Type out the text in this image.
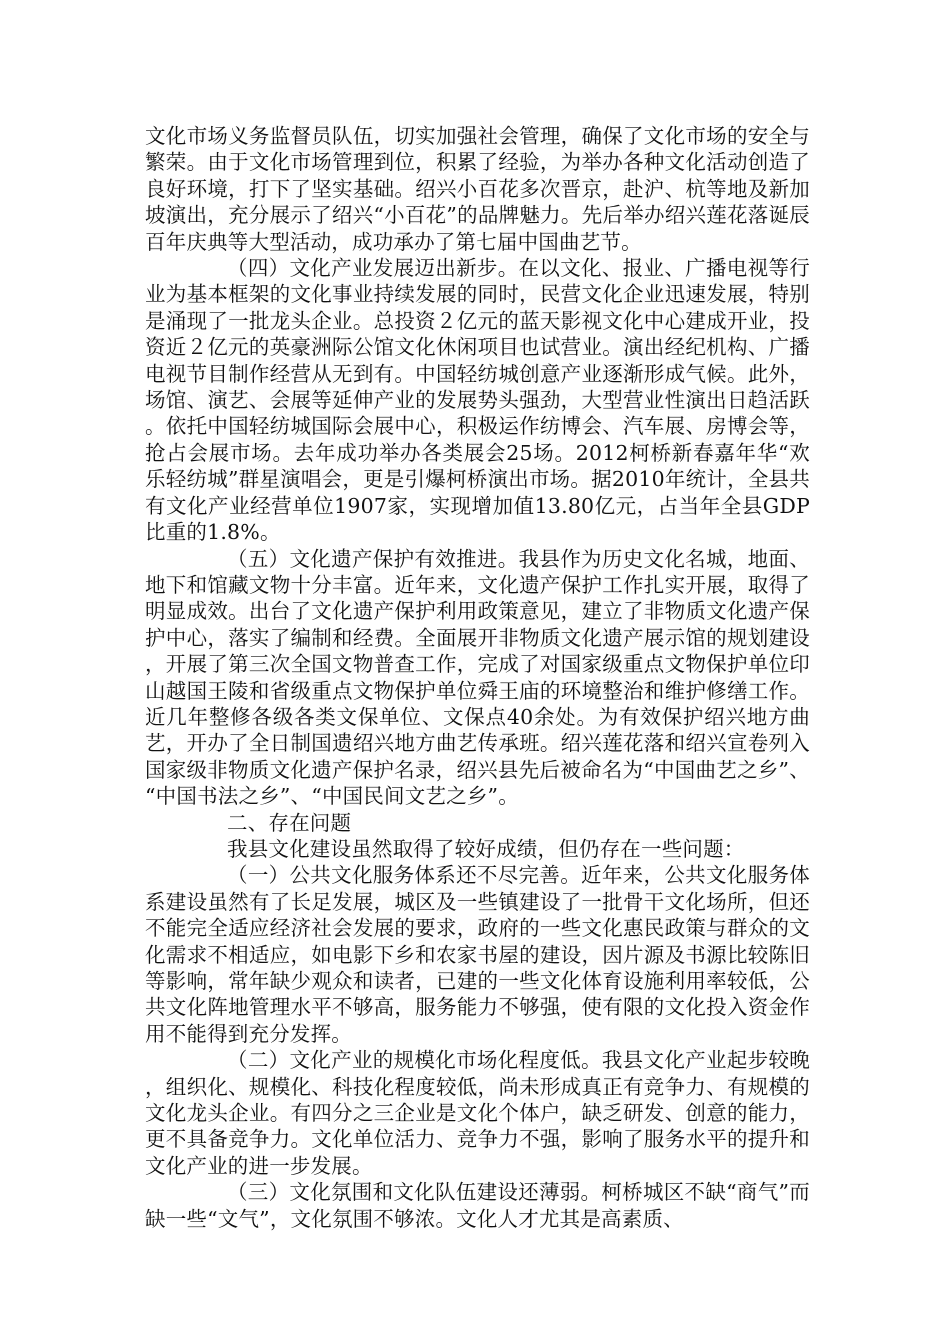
文化市场义务监督员队伍，切实加强社会管理，确保了文化市场的安全与繁荣。由于文化市场管理到位，积累了经验，为举办各种文化活动创造了良好环境，打下了坚实基础。绍兴小百花多次晋京，赴沪、杭等地及新加坡演出，充分展示了绍兴“小百花”的品牌魅力。先后举办绍兴莲花落诞辰百年庆典等大型活动，成功承办了第七届中国曲艺节。

（四）文化产业发展迈出新步。在以文化、报业、广播电视等行业为基本框架的文化事业持续发展的同时，民营文化企业迅速发展，特别是涌现了一批龙头企业。总投资２亿元的蓝天影视文化中心建成开业，投资近２亿元的英豪洲际公馆文化休闲项目也试营业。演出经纪机构、广播电视节目制作经营从无到有。中国轻纺城创意产业逐渐形成气候。此外，场馆、演艺、会展等延伸产业的发展势头强劲，大型营业性演出日趋活跃。依托中国轻纺城国际会展中心，积极运作纺博会、汽车展、房博会等，抢占会展市场。去年成功举办各类展会25场。2012柯桥新春嘉年华“欢乐轻纺城”群星演唱会，更是引爆柯桥演出市场。据2010年统计，全县共有文化产业经营单位1907家，实现增加值13.80亿元，占当年全县GDP比重的1.8%。

（五）文化遗产保护有效推进。我县作为历史文化名城，地面、地下和馆藏文物十分丰富。近年来，文化遗产保护工作扎实开展，取得了明显成效。出台了文化遗产保护利用政策意见，建立了非物质文化遗产保护中心，落实了编制和经费。全面展开非物质文化遗产展示馆的规划建设，开展了第三次全国文物普查工作，完成了对国家级重点文物保护单位印山越国王陵和省级重点文物保护单位舜王庙的环境整治和维护修缮工作。近几年整修各级各类文保单位、文保点40余处。为有效保护绍兴地方曲艺，开办了全日制国遗绍兴地方曲艺传承班。绍兴莲花落和绍兴宣卷列入国家级非物质文化遗产保护名录，绍兴县先后被命名为“中国曲艺之乡”、“中国书法之乡”、“中国民间文艺之乡”。

二、存在问题

我县文化建设虽然取得了较好成绩，但仍存在一些问题：

（一）公共文化服务体系还不尽完善。近年来，公共文化服务体系建设虽然有了长足发展，城区及一些镇建设了一批骨干文化场所，但还不能完全适应经济社会发展的要求，政府的一些文化惠民政策与群众的文化需求不相适应，如电影下乡和农家书屋的建设，因片源及书源比较陈旧等影响，常年缺少观众和读者，已建的一些文化体育设施利用率较低，公共文化阵地管理水平不够高，服务能力不够强，使有限的文化投入资金作用不能得到充分发挥。

（二）文化产业的规模化市场化程度低。我县文化产业起步较晚，组织化、规模化、科技化程度较低，尚未形成真正有竞争力、有规模的文化龙头企业。有四分之三企业是文化个体户，缺乏研发、创意的能力，更不具备竞争力。文化单位活力、竞争力不强，影响了服务水平的提升和文化产业的进一步发展。

（三）文化氛围和文化队伍建设还薄弱。柯桥城区不缺“商气”而缺一些“文气”，文化氛围不够浓。文化人才尤其是高素质、
